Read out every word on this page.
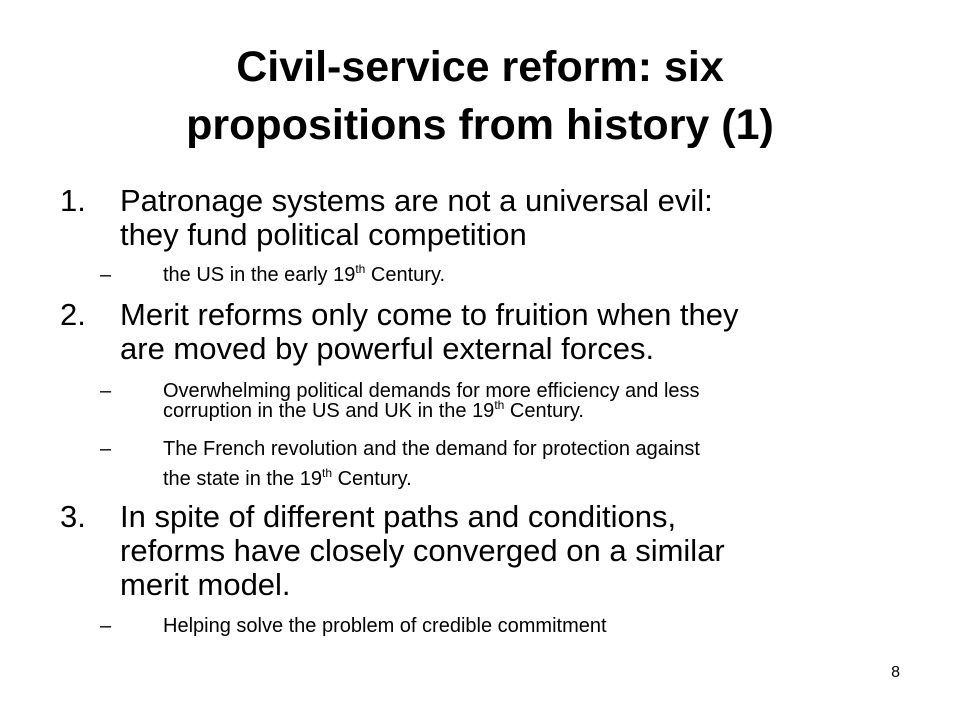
Civil-service reform: six
propositions from history (1)
1. Patronage systems are not a universal evil:
they fund political competition
–	the US in the early 19th Century.
2. Merit reforms only come to fruition when they
are moved by powerful external forces.
–	Overwhelming political demands for more efficiency and less
corruption in the US and UK in the 19th Century.
–	The French revolution and the demand for protection against
the state in the 19th Century.
3. In spite of different paths and conditions,
reforms have closely converged on a similar
merit model.
–	Helping solve the problem of credible commitment
8
